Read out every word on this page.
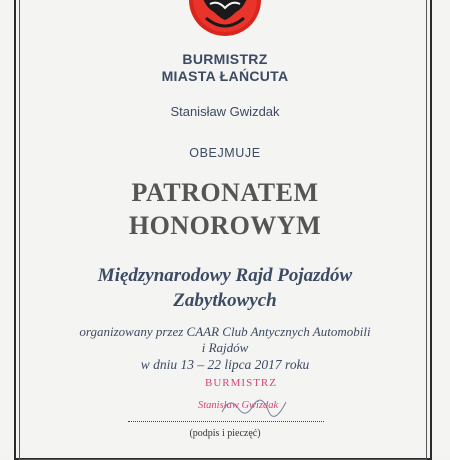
BURMISTRZ
MIASTA ŁAŃCUTA
Stanisław Gwizdak
OBEJMUJE
PATRONATEM
HONOROWYM
Międzynarodowy Rajd Pojazdów
Zabytkowych
organizowany przez CAAR Club Antycznych Automobili
i Rajdów
w dniu 13 – 22 lipca 2017 roku
BURMISTRZ
Stanisław Gwizdak
(podpis i pieczęć)
